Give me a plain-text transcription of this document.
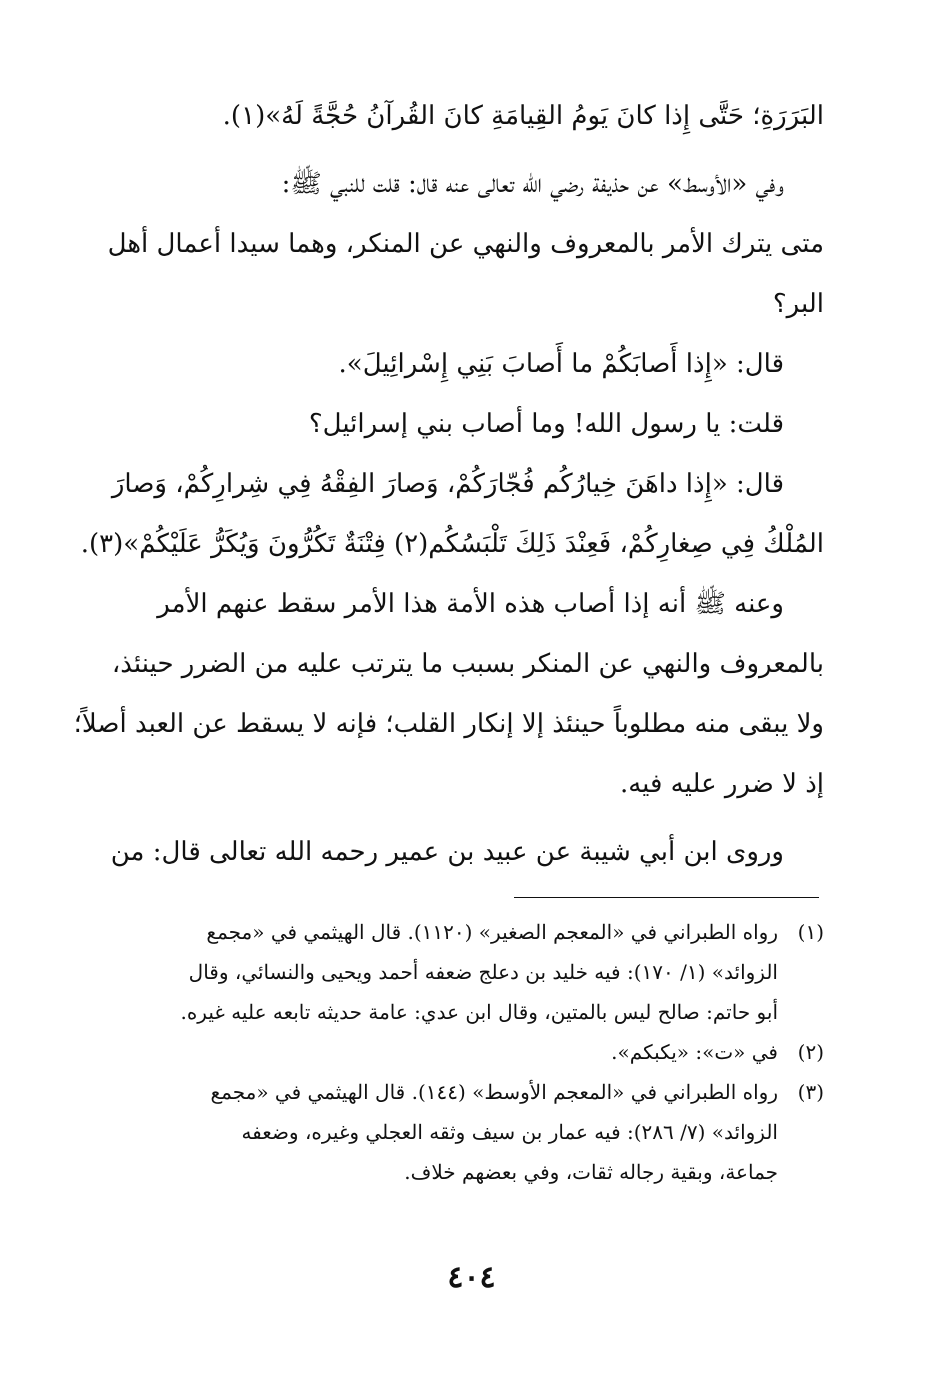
البَرَرَةِ؛ حَتَّى إِذا كانَ يَومُ القِيامَةِ كانَ القُرآنُ حُجَّةً لَهُ»(١).
وفي «الأوسط» عن حذيفة رضي الله تعالى عنه قال: قلت للنبي ﷺ:
متى يترك الأمر بالمعروف والنهي عن المنكر، وهما سيدا أعمال أهل
البر؟
قال: «إِذا أَصابَكُمْ ما أَصابَ بَنِي إِسْرائِيلَ».
قلت: يا رسول الله! وما أصاب بني إسرائيل؟
قال: «إِذا داهَنَ خِيارُكُم فُجّارَكُمْ، وَصارَ الفِقْهُ فِي شِرارِكُمْ، وَصارَ
المُلْكُ فِي صِغارِكُمْ، فَعِنْدَ ذَلِكَ تَلْبَسُكُم(٢) فِتْنَةٌ تَكُرُّونَ وَيُكَرُّ عَلَيْكُمْ»(٣).
وعنه ﷺ أنه إذا أصاب هذه الأمة هذا الأمر سقط عنهم الأمر
بالمعروف والنهي عن المنكر بسبب ما يترتب عليه من الضرر حينئذ،
ولا يبقى منه مطلوباً حينئذ إلا إنكار القلب؛ فإنه لا يسقط عن العبد أصلاً؛
إذ لا ضرر عليه فيه.
وروى ابن أبي شيبة عن عبيد بن عمير رحمه الله تعالى قال: من
(١)
رواه الطبراني في «المعجم الصغير» (١١٢٠). قال الهيثمي في «مجمع
الزوائد» (١/ ١٧٠): فيه خليد بن دعلج ضعفه أحمد ويحيى والنسائي، وقال
أبو حاتم: صالح ليس بالمتين، وقال ابن عدي: عامة حديثه تابعه عليه غيره.
(٢)
في «ت»: «يكبكم».
(٣)
رواه الطبراني في «المعجم الأوسط» (١٤٤). قال الهيثمي في «مجمع
الزوائد» (٧/ ٢٨٦): فيه عمار بن سيف وثقه العجلي وغيره، وضعفه
جماعة، وبقية رجاله ثقات، وفي بعضهم خلاف.
٤٠٤
